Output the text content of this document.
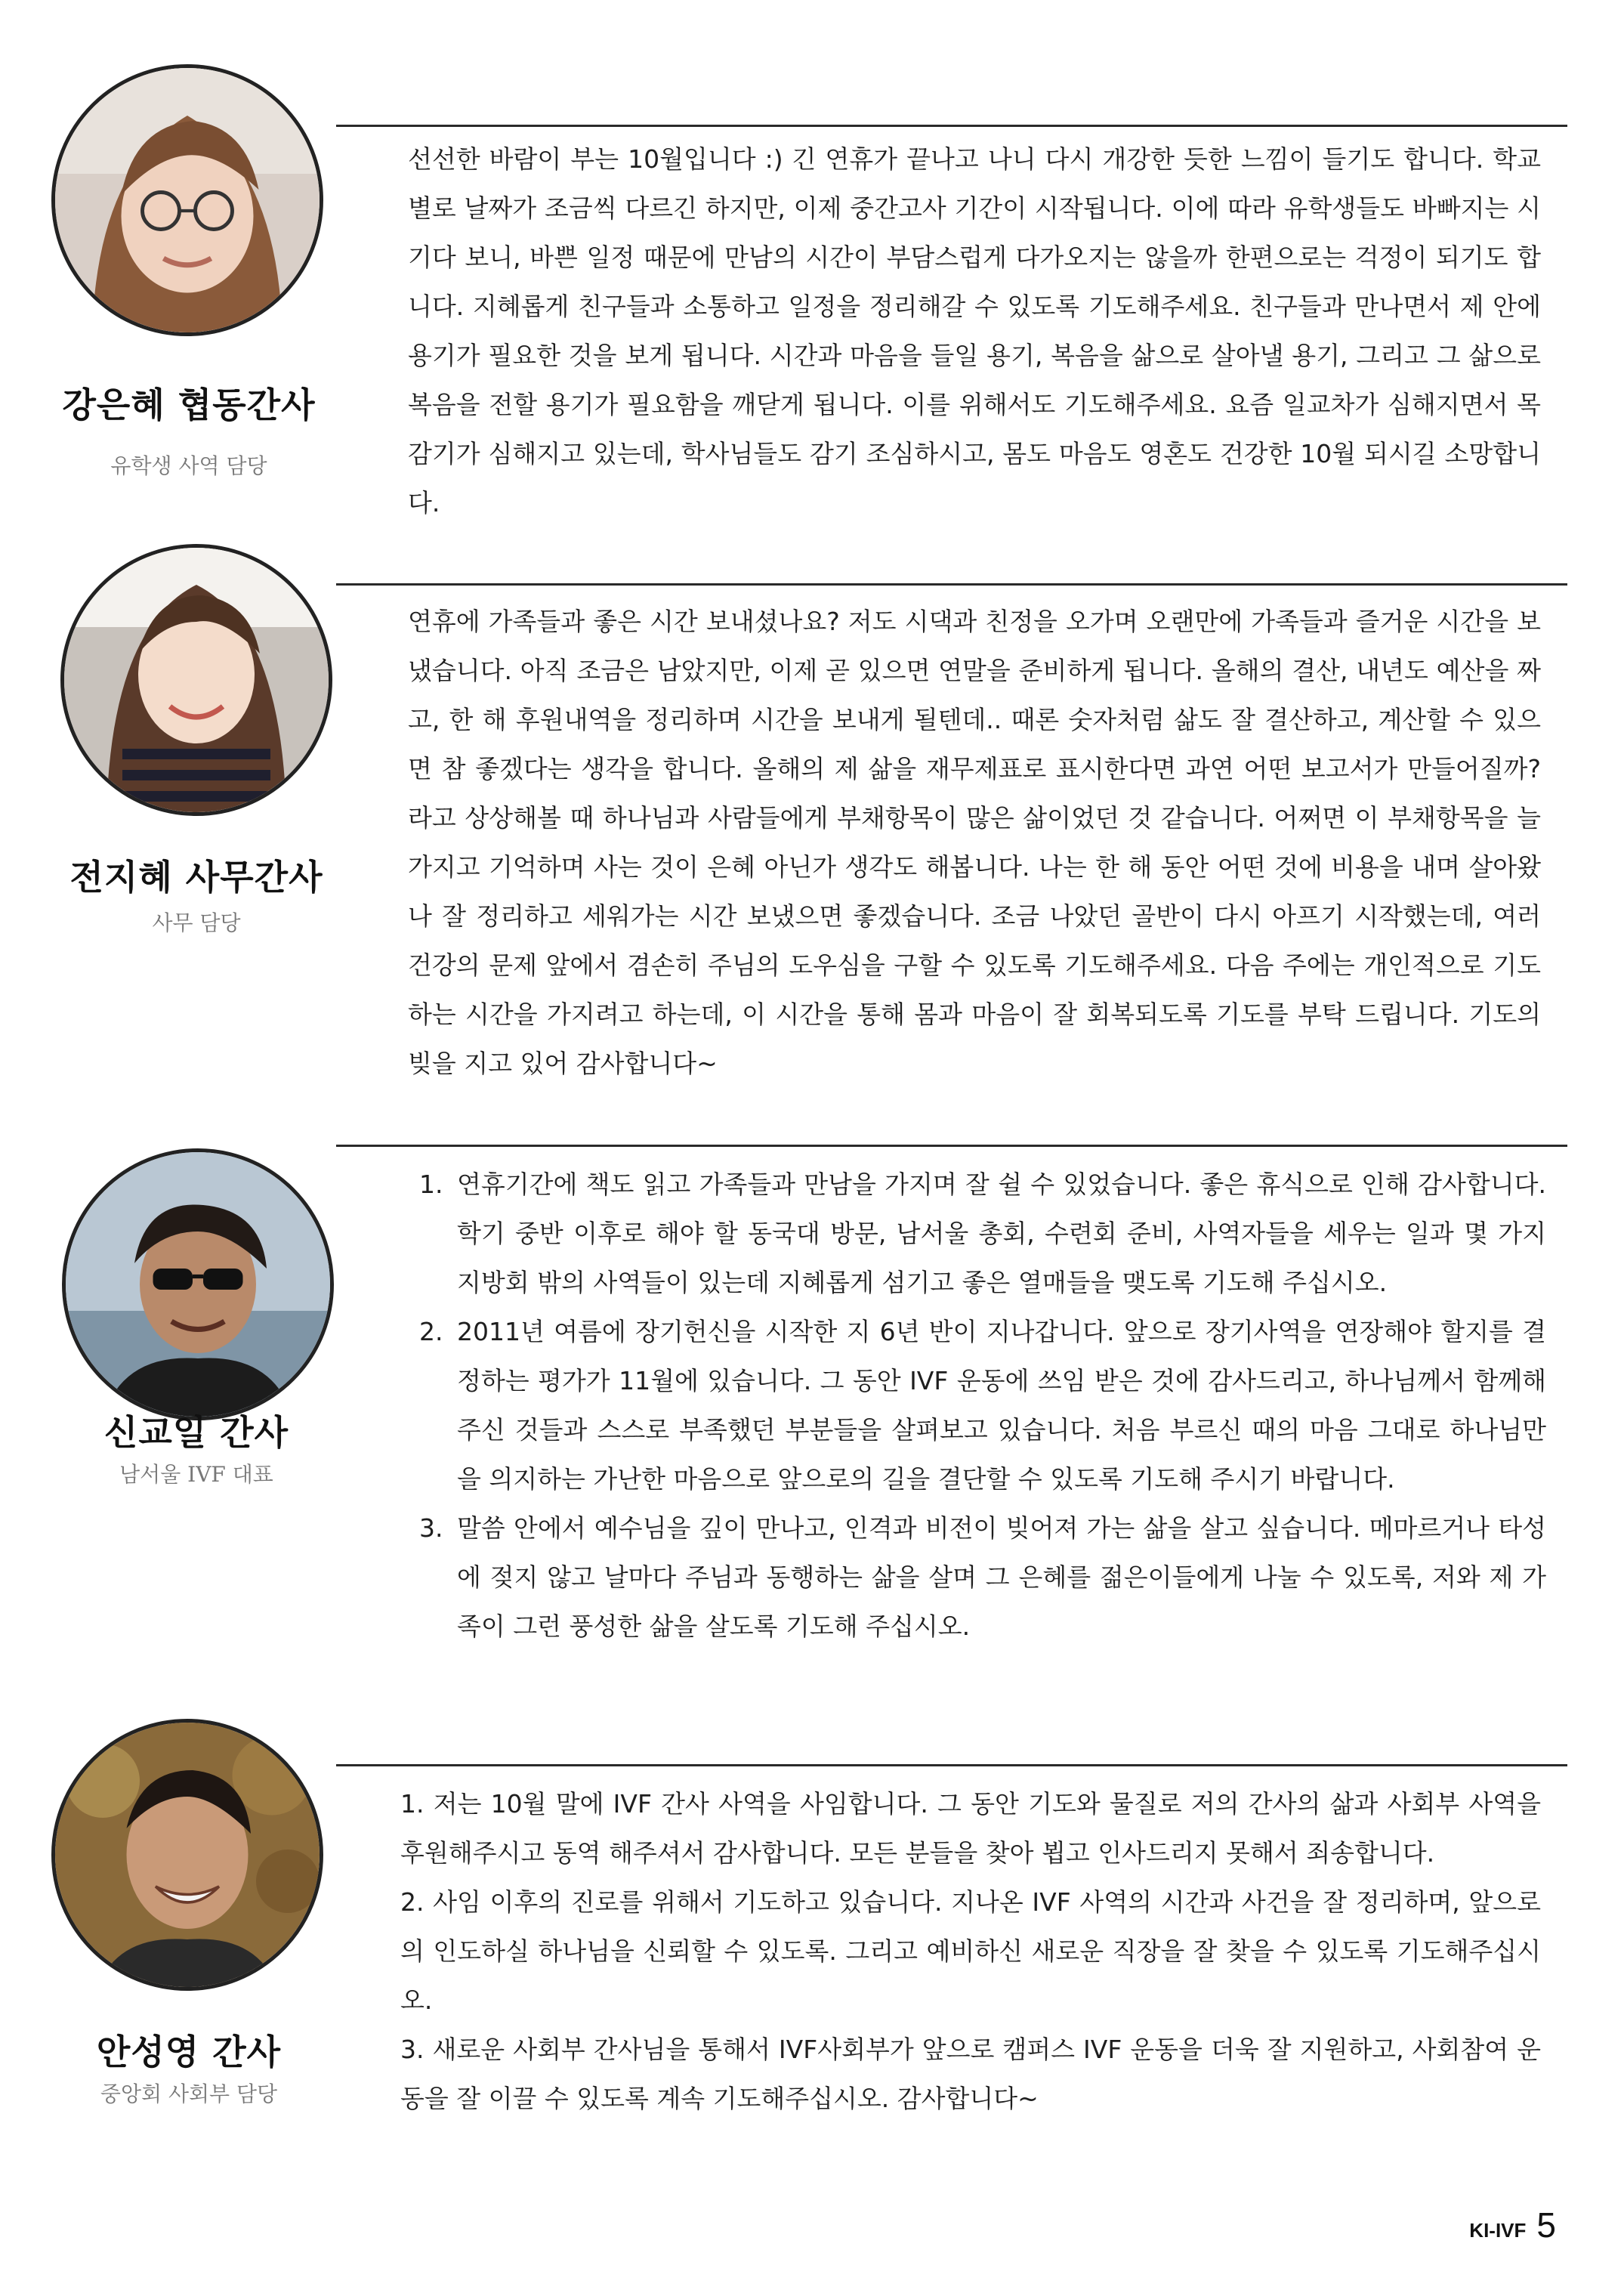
강은혜 협동간사
유학생 사역 담당

선선한 바람이 부는 10월입니다 :) 긴 연휴가 끝나고 나니 다시 개강한 듯한 느낌이 들기도 합니다. 학교 별로 날짜가 조금씩 다르긴 하지만, 이제 중간고사 기간이 시작됩니다. 이에 따라 유학생들도 바빠지는 시기다 보니, 바쁜 일정 때문에 만남의 시간이 부담스럽게 다가오지는 않을까 한편으로는 걱정이 되기도 합니다. 지혜롭게 친구들과 소통하고 일정을 정리해갈 수 있도록 기도해주세요. 친구들과 만나면서 제 안에 용기가 필요한 것을 보게 됩니다. 시간과 마음을 들일 용기, 복음을 삶으로 살아낼 용기, 그리고 그 삶으로 복음을 전할 용기가 필요함을 깨닫게 됩니다. 이를 위해서도 기도해주세요. 요즘 일교차가 심해지면서 목감기가 심해지고 있는데, 학사님들도 감기 조심하시고, 몸도 마음도 영혼도 건강한 10월 되시길 소망합니다.

전지혜 사무간사
사무 담당

연휴에 가족들과 좋은 시간 보내셨나요? 저도 시댁과 친정을 오가며 오랜만에 가족들과 즐거운 시간을 보냈습니다. 아직 조금은 남았지만, 이제 곧 있으면 연말을 준비하게 됩니다. 올해의 결산, 내년도 예산을 짜고, 한 해 후원내역을 정리하며 시간을 보내게 될텐데.. 때론 숫자처럼 삶도 잘 결산하고, 계산할 수 있으면 참 좋겠다는 생각을 합니다. 올해의 제 삶을 재무제표로 표시한다면 과연 어떤 보고서가 만들어질까?라고 상상해볼 때 하나님과 사람들에게 부채항목이 많은 삶이었던 것 같습니다. 어쩌면 이 부채항목을 늘 가지고 기억하며 사는 것이 은혜 아닌가 생각도 해봅니다. 나는 한 해 동안 어떤 것에 비용을 내며 살아왔나 잘 정리하고 세워가는 시간 보냈으면 좋겠습니다. 조금 나았던 골반이 다시 아프기 시작했는데, 여러 건강의 문제 앞에서 겸손히 주님의 도우심을 구할 수 있도록 기도해주세요. 다음 주에는 개인적으로 기도하는 시간을 가지려고 하는데, 이 시간을 통해 몸과 마음이 잘 회복되도록 기도를 부탁 드립니다. 기도의 빚을 지고 있어 감사합니다~

신교일 간사
남서울 IVF 대표
1. 연휴기간에 책도 읽고 가족들과 만남을 가지며 잘 쉴 수 있었습니다. 좋은 휴식으로 인해 감사합니다. 학기 중반 이후로 해야 할 동국대 방문, 남서울 총회, 수련회 준비, 사역자들을 세우는 일과 몇 가지 지방회 밖의 사역들이 있는데 지혜롭게 섬기고 좋은 열매들을 맺도록 기도해 주십시오.
2. 2011년 여름에 장기헌신을 시작한 지 6년 반이 지나갑니다. 앞으로 장기사역을 연장해야 할지를 결정하는 평가가 11월에 있습니다. 그 동안 IVF 운동에 쓰임 받은 것에 감사드리고, 하나님께서 함께해 주신 것들과 스스로 부족했던 부분들을 살펴보고 있습니다. 처음 부르신 때의 마음 그대로 하나님만을 의지하는 가난한 마음으로 앞으로의 길을 결단할 수 있도록 기도해 주시기 바랍니다.
3. 말씀 안에서 예수님을 깊이 만나고, 인격과 비전이 빚어져 가는 삶을 살고 싶습니다. 메마르거나 타성에 젖지 않고 날마다 주님과 동행하는 삶을 살며 그 은혜를 젊은이들에게 나눌 수 있도록, 저와 제 가족이 그런 풍성한 삶을 살도록 기도해 주십시오.
안성영 간사
중앙회 사회부 담당

1. 저는 10월 말에 IVF 간사 사역을 사임합니다. 그 동안 기도와 물질로 저의 간사의 삶과 사회부 사역을 후원해주시고 동역 해주셔서 감사합니다. 모든 분들을 찾아 뵙고 인사드리지 못해서 죄송합니다.

2. 사임 이후의 진로를 위해서 기도하고 있습니다. 지나온 IVF 사역의 시간과 사건을 잘 정리하며, 앞으로의 인도하실 하나님을 신뢰할 수 있도록. 그리고 예비하신 새로운 직장을 잘 찾을 수 있도록 기도해주십시오.

3. 새로운 사회부 간사님을 통해서 IVF사회부가 앞으로 캠퍼스 IVF 운동을 더욱 잘 지원하고, 사회참여 운동을 잘 이끌 수 있도록 계속 기도해주십시오. 감사합니다~

KI-IVF 5
